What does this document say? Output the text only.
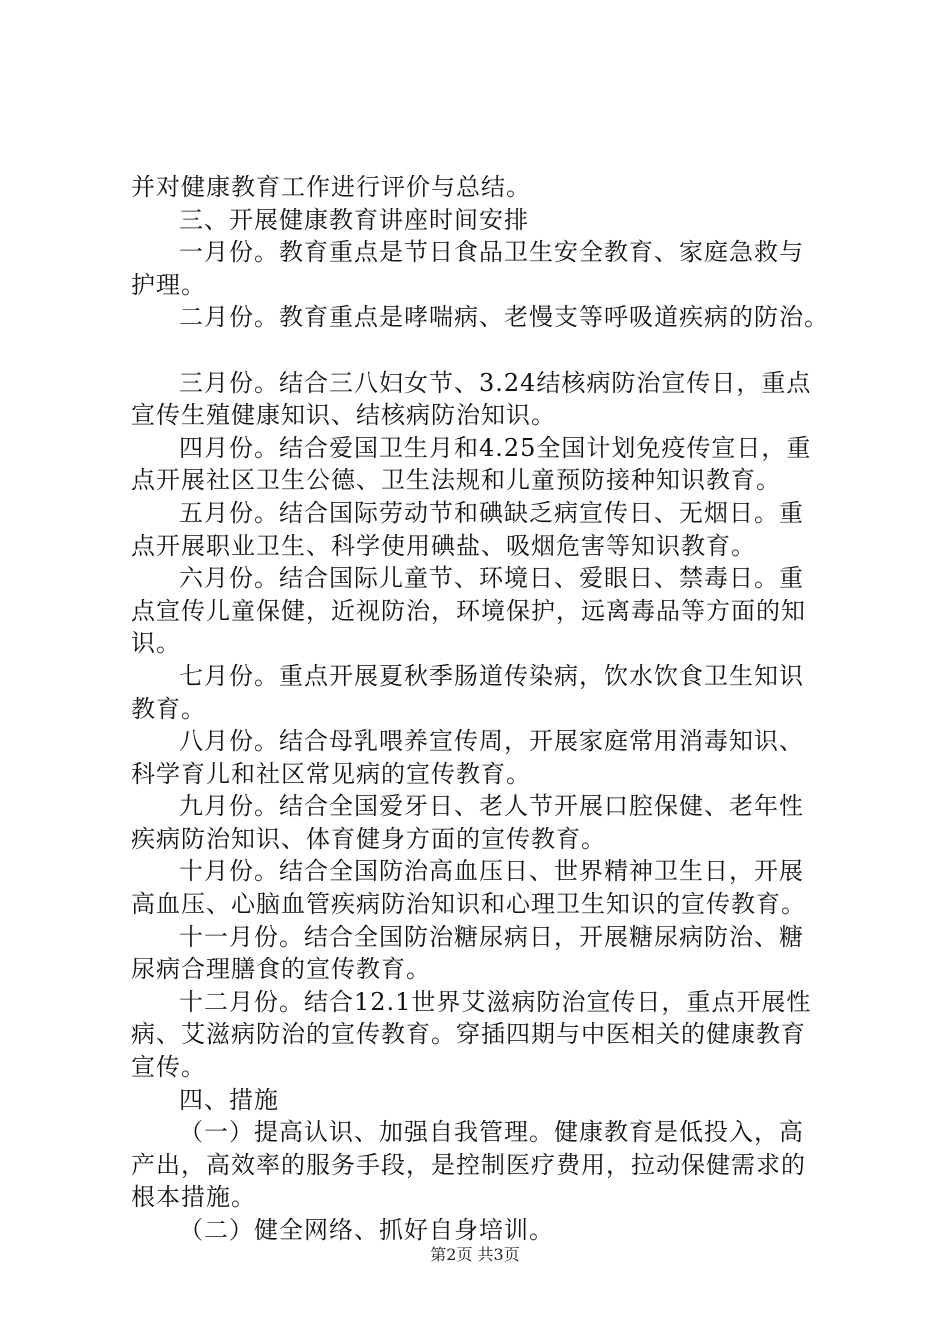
并对健康教育工作进行评价与总结。
三、开展健康教育讲座时间安排
一月份。教育重点是节日食品卫生安全教育、家庭急救与
护理。
二月份。教育重点是哮喘病、老慢支等呼吸道疾病的防治。
三月份。结合三八妇女节、3.24结核病防治宣传日，重点
宣传生殖健康知识、结核病防治知识。
四月份。结合爱国卫生月和4.25全国计划免疫传宣日，重
点开展社区卫生公德、卫生法规和儿童预防接种知识教育。
五月份。结合国际劳动节和碘缺乏病宣传日、无烟日。重
点开展职业卫生、科学使用碘盐、吸烟危害等知识教育。
六月份。结合国际儿童节、环境日、爱眼日、禁毒日。重
点宣传儿童保健，近视防治，环境保护，远离毒品等方面的知
识。
七月份。重点开展夏秋季肠道传染病，饮水饮食卫生知识
教育。
八月份。结合母乳喂养宣传周，开展家庭常用消毒知识、
科学育儿和社区常见病的宣传教育。
九月份。结合全国爱牙日、老人节开展口腔保健、老年性
疾病防治知识、体育健身方面的宣传教育。
十月份。结合全国防治高血压日、世界精神卫生日，开展
高血压、心脑血管疾病防治知识和心理卫生知识的宣传教育。
十一月份。结合全国防治糖尿病日，开展糖尿病防治、糖
尿病合理膳食的宣传教育。
十二月份。结合12.1世界艾滋病防治宣传日，重点开展性
病、艾滋病防治的宣传教育。穿插四期与中医相关的健康教育
宣传。
四、措施
（一）提高认识、加强自我管理。健康教育是低投入，高
产出，高效率的服务手段，是控制医疗费用，拉动保健需求的
根本措施。
（二）健全网络、抓好自身培训。
第2页 共3页
